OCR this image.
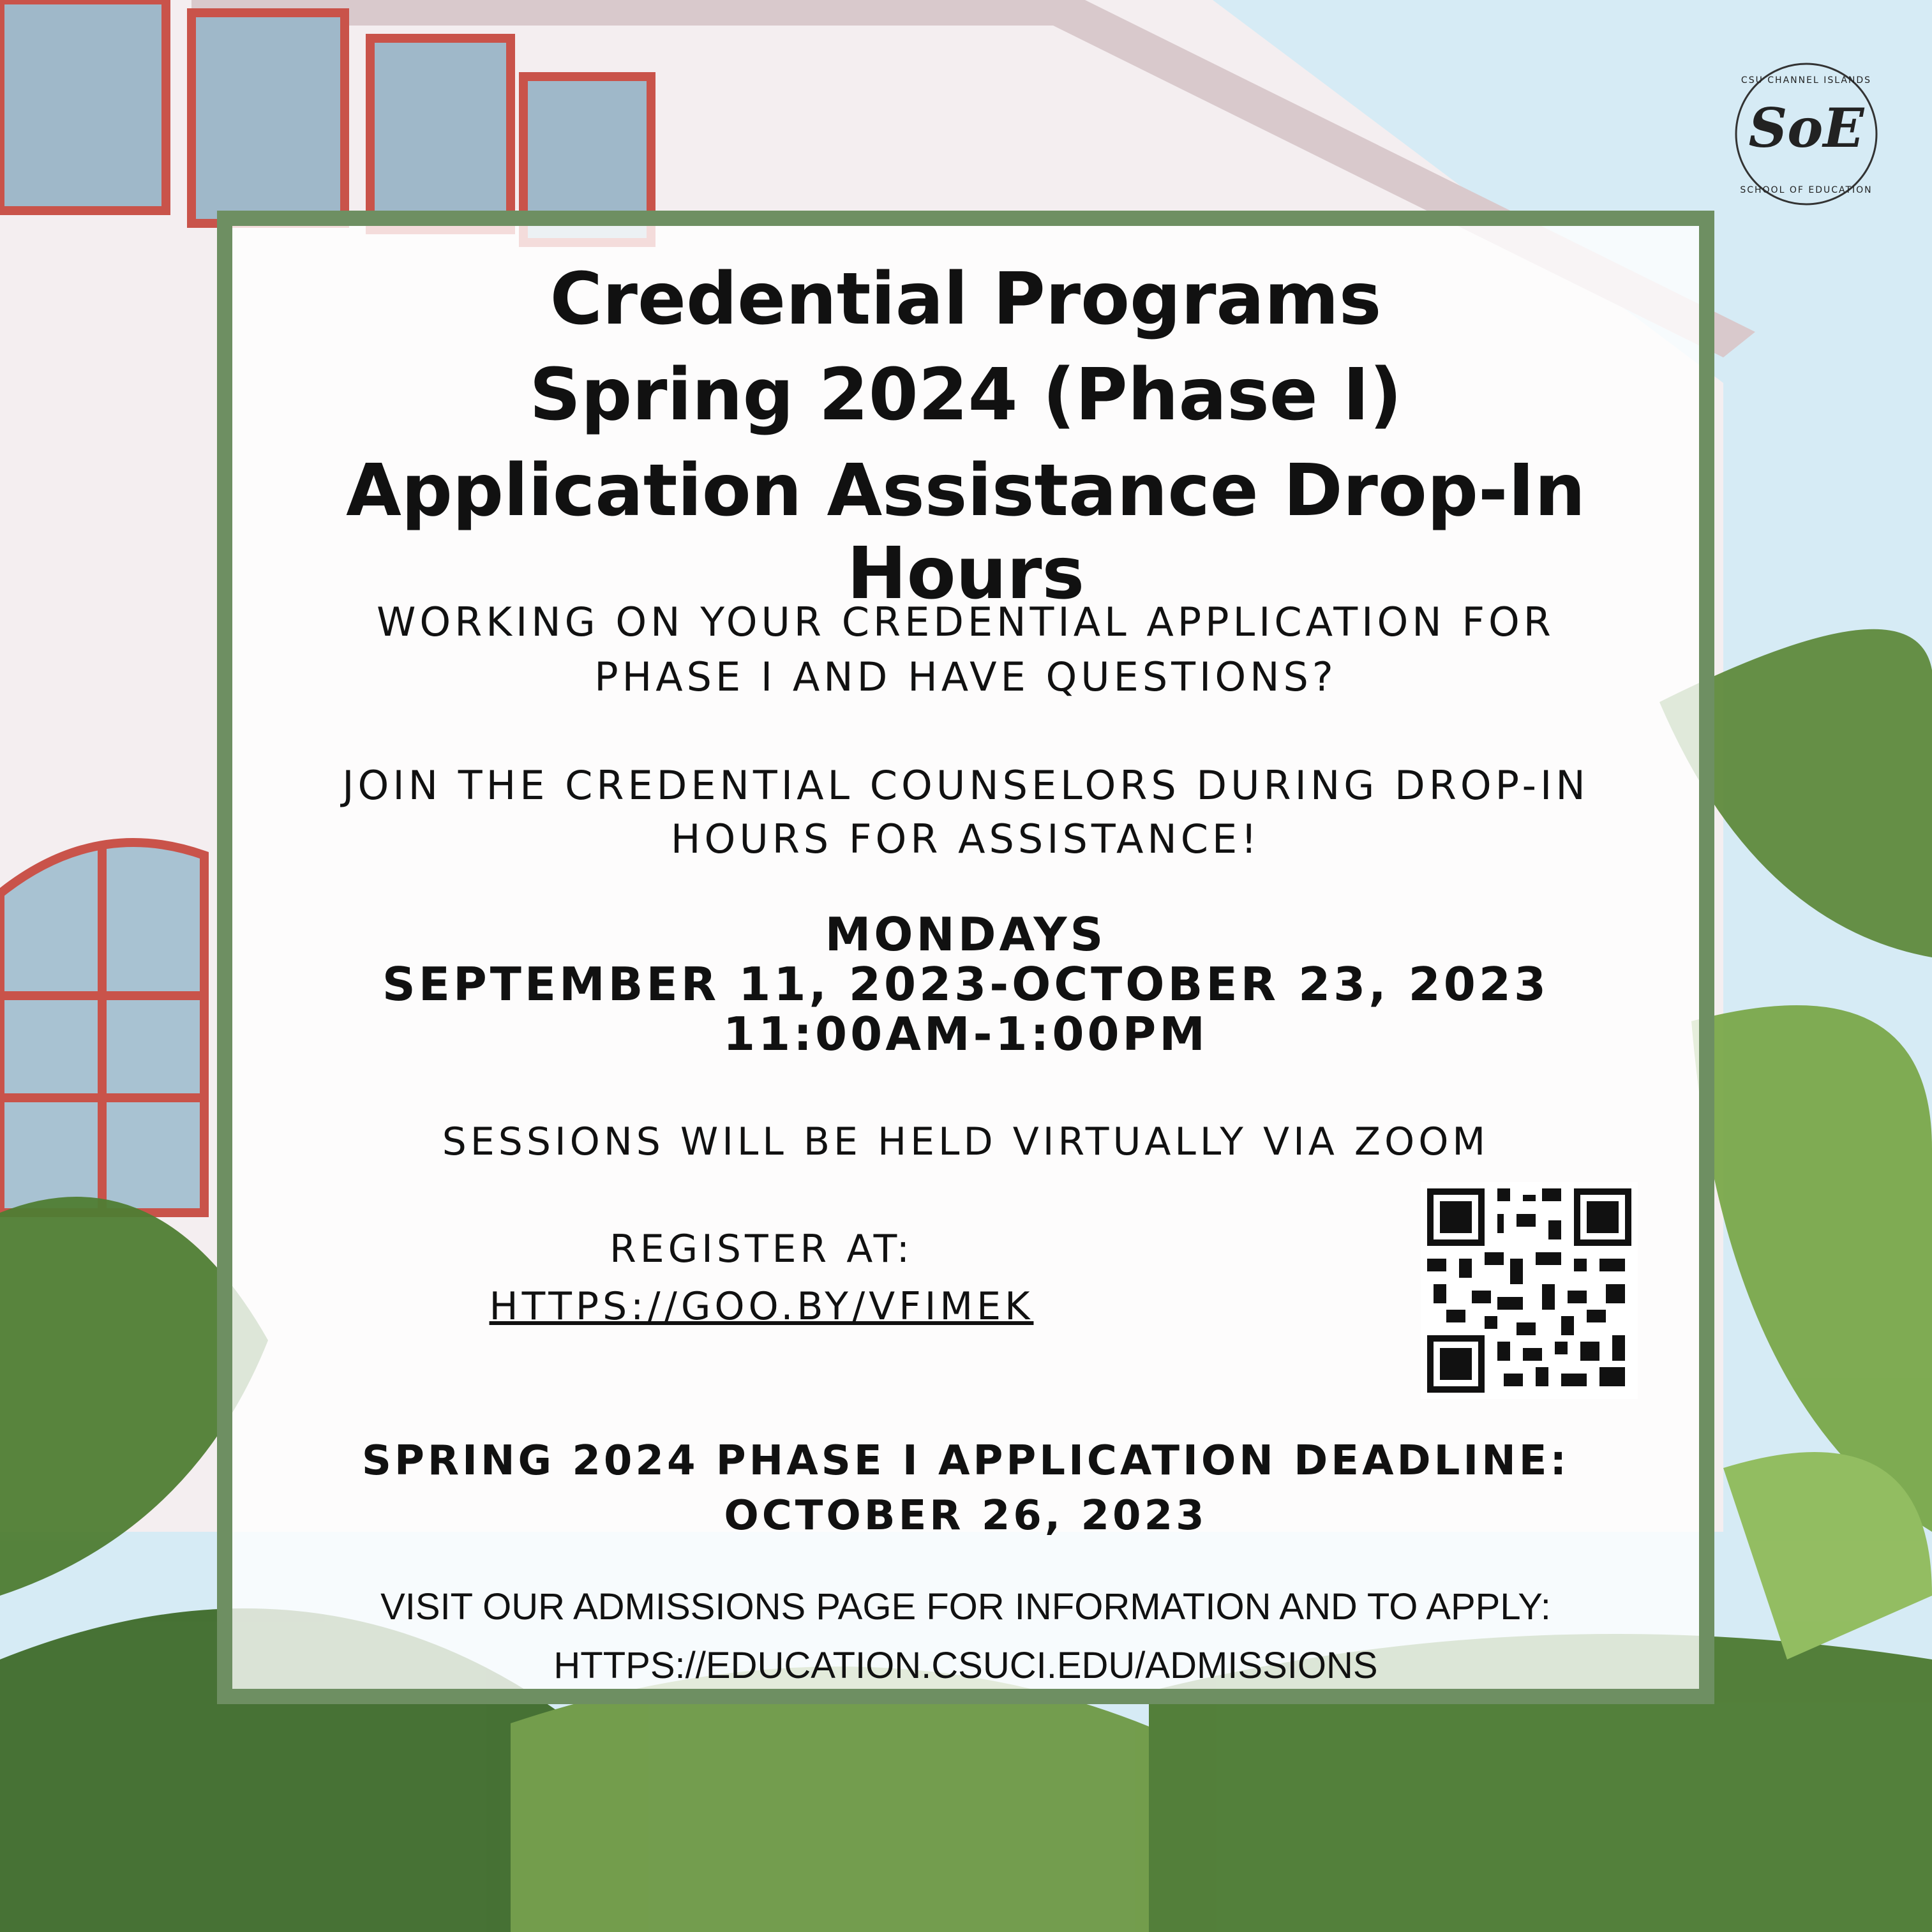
SoE
CSU CHANNEL ISLANDS
SCHOOL OF EDUCATION
Credential Programs
Spring 2024 (Phase I)
Application Assistance Drop-In Hours
WORKING ON YOUR CREDENTIAL APPLICATION FOR
PHASE I AND HAVE QUESTIONS?
JOIN THE CREDENTIAL COUNSELORS DURING DROP-IN
HOURS FOR ASSISTANCE!
MONDAYS
SEPTEMBER 11, 2023-OCTOBER 23, 2023
11:00AM-1:00PM
SESSIONS WILL BE HELD VIRTUALLY VIA ZOOM
REGISTER AT:
HTTPS://GOO.BY/VFIMEK
SPRING 2024 PHASE I APPLICATION DEADLINE:
OCTOBER 26, 2023
VISIT OUR ADMISSIONS PAGE FOR INFORMATION AND TO APPLY:
HTTPS://EDUCATION.CSUCI.EDU/ADMISSIONS
